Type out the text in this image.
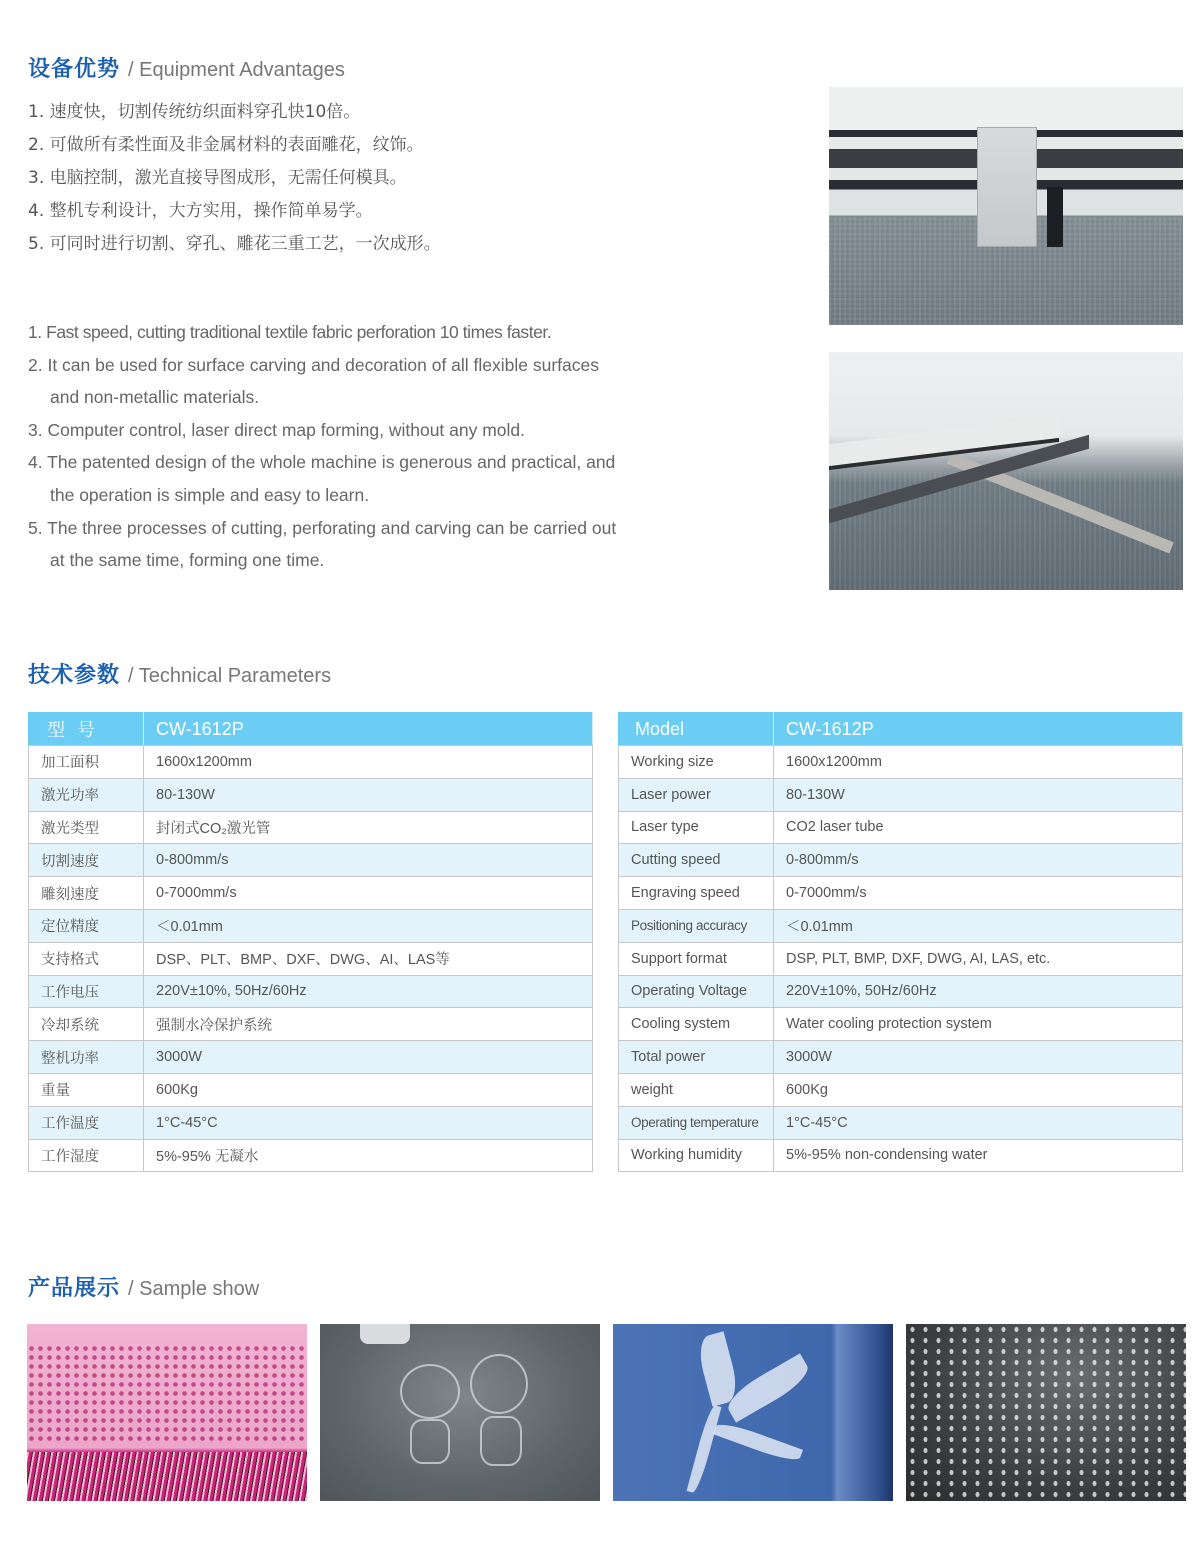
设备优势 / Equipment Advantages
1. 速度快，切割传统纺织面料穿孔快10倍。
2. 可做所有柔性面及非金属材料的表面雕花，纹饰。
3. 电脑控制，激光直接导图成形，无需任何模具。
4. 整机专利设计，大方实用，操作简单易学。
5. 可同时进行切割、穿孔、雕花三重工艺，一次成形。
1. Fast speed, cutting traditional textile fabric perforation 10 times faster.
2. It can be used for surface carving and decoration of all flexible surfaces and non-metallic materials.
3. Computer control, laser direct map forming, without any mold.
4. The patented design of the whole machine is generous and practical, and the operation is simple and easy to learn.
5. The three processes of cutting, perforating and carving can be carried out at the same time, forming one time.
技术参数 / Technical Parameters
型号	CW-1612P
加工面积	1600x1200mm
激光功率	80-130W
激光类型	封闭式CO₂激光管
切割速度	0-800mm/s
雕刻速度	0-7000mm/s
定位精度	＜0.01mm
支持格式	DSP、PLT、BMP、DXF、DWG、AI、LAS等
工作电压	220V±10%, 50Hz/60Hz
冷却系统	强制水冷保护系统
整机功率	3000W
重量	600Kg
工作温度	1°C-45°C
工作湿度	5%-95% 无凝水
Model	CW-1612P
Working size	1600x1200mm
Laser power	80-130W
Laser type	CO2 laser tube
Cutting speed	0-800mm/s
Engraving speed	0-7000mm/s
Positioning accuracy	＜0.01mm
Support format	DSP, PLT, BMP, DXF, DWG, AI, LAS, etc.
Operating Voltage	220V±10%, 50Hz/60Hz
Cooling system	Water cooling protection system
Total power	3000W
weight	600Kg
Operating temperature	1°C-45°C
Working humidity	5%-95% non-condensing water
产品展示 / Sample show
